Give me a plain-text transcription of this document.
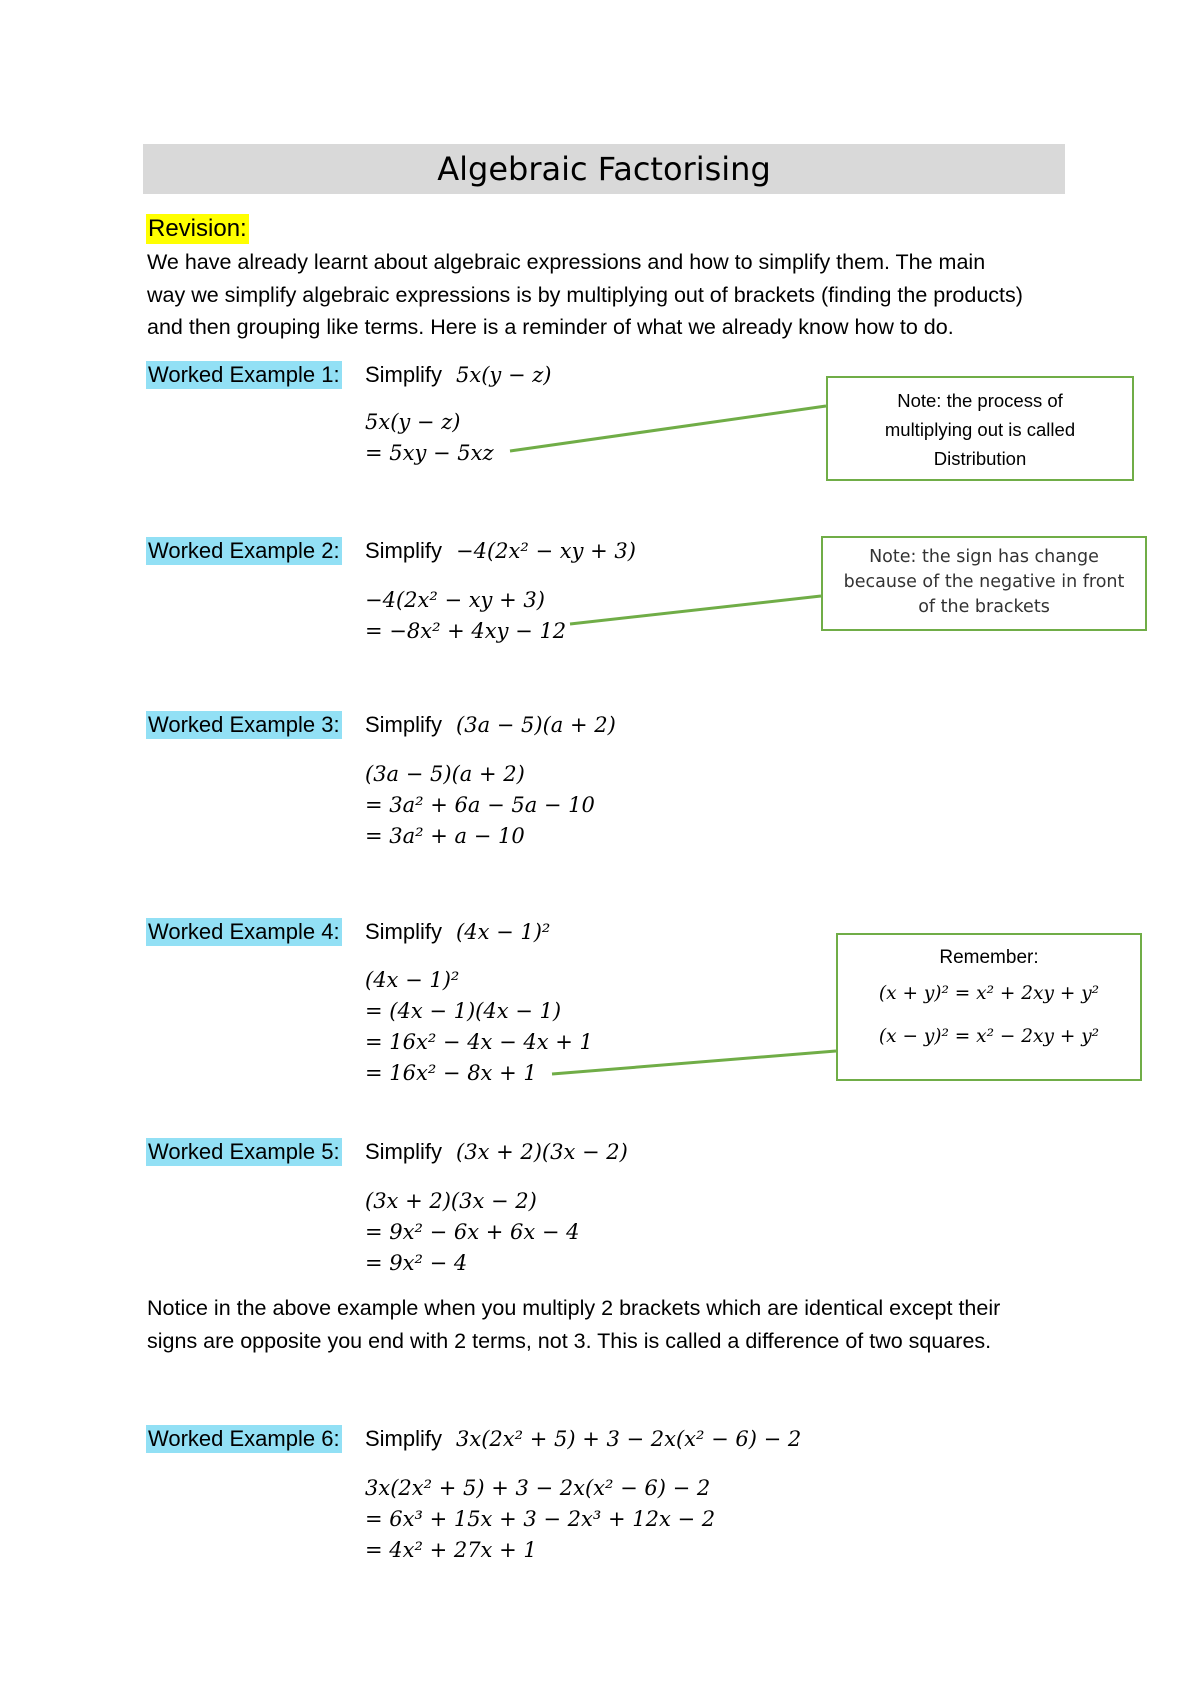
Algebraic Factorising
Revision:
We have already learnt about algebraic expressions and how to simplify them. The main
way we simplify algebraic expressions is by multiplying out of brackets (finding the products)
and then grouping like terms. Here is a reminder of what we already know how to do.
Worked Example 1: Simplify 5x(y − z)
5x(y − z)
= 5xy − 5xz
Worked Example 2: Simplify −4(2x² − xy + 3)
−4(2x² − xy + 3)
= −8x² + 4xy − 12
Worked Example 3: Simplify (3a − 5)(a + 2)
(3a − 5)(a + 2)
= 3a² + 6a − 5a − 10
= 3a² + a − 10
Worked Example 4: Simplify (4x − 1)²
(4x − 1)²
= (4x − 1)(4x − 1)
= 16x² − 4x − 4x + 1
= 16x² − 8x + 1
Worked Example 5: Simplify (3x + 2)(3x − 2)
(3x + 2)(3x − 2)
= 9x² − 6x + 6x − 4
= 9x² − 4
Notice in the above example when you multiply 2 brackets which are identical except their
signs are opposite you end with 2 terms, not 3. This is called a difference of two squares.
Worked Example 6: Simplify 3x(2x² + 5) + 3 − 2x(x² − 6) − 2
3x(2x² + 5) + 3 − 2x(x² − 6) − 2
= 6x³ + 15x + 3 − 2x³ + 12x − 2
= 4x² + 27x + 1
Note: the process of
multiplying out is called
Distribution
Note: the sign has change
because of the negative in front
of the brackets
Remember:
(x + y)² = x² + 2xy + y²
(x − y)² = x² − 2xy + y²
